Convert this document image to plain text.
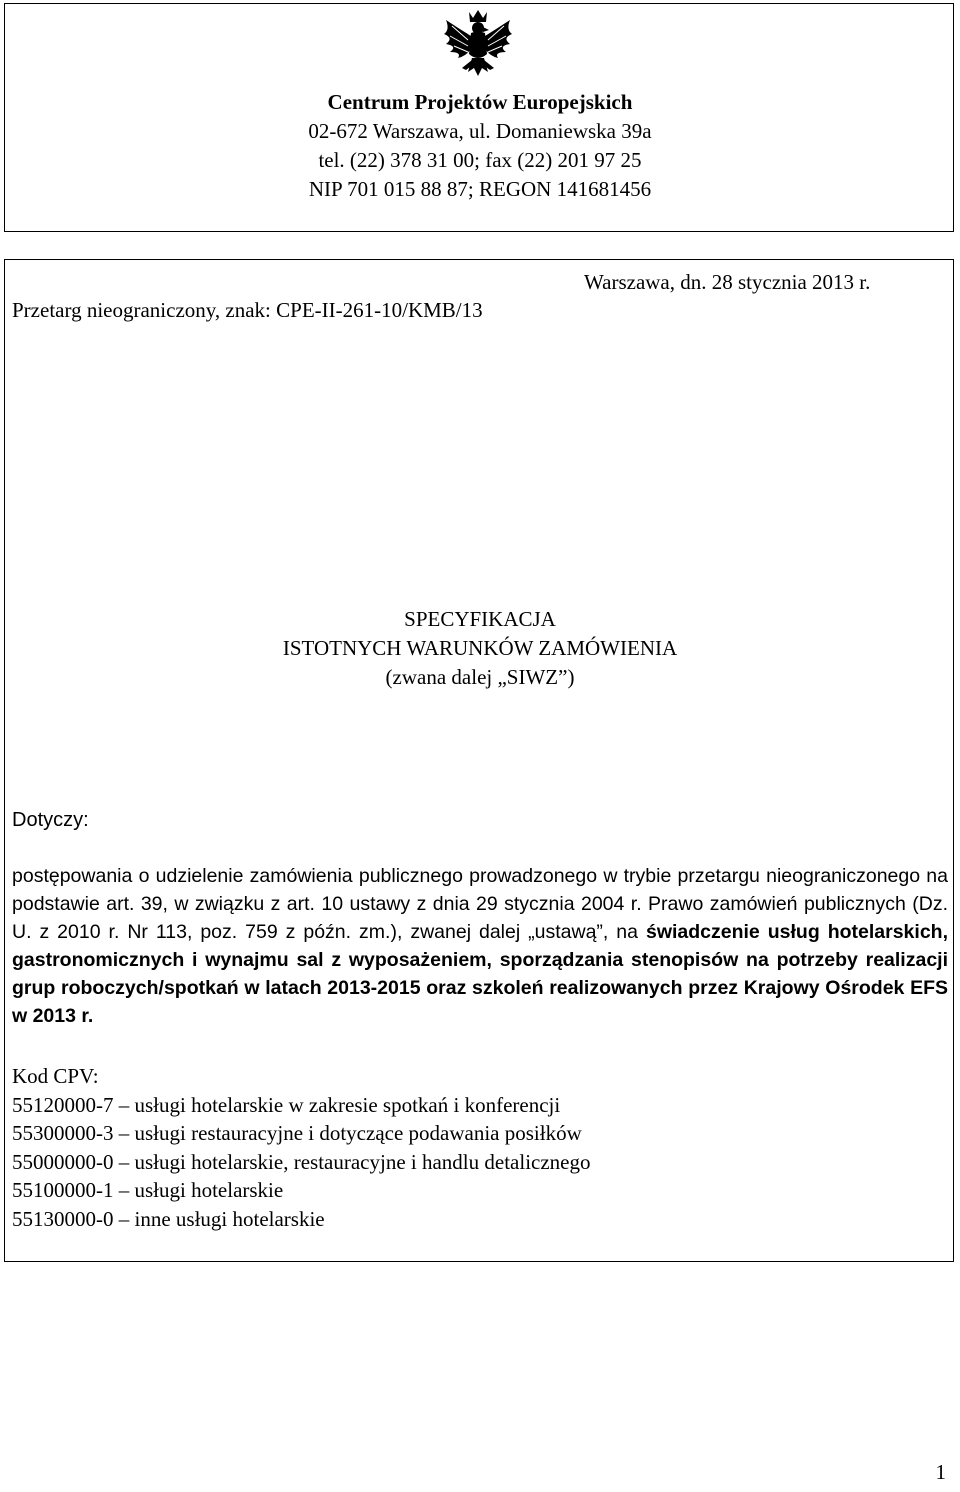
Centrum Projektów Europejskich
02-672 Warszawa, ul. Domaniewska 39a
tel. (22) 378 31 00; fax (22) 201 97 25
NIP 701 015 88 87; REGON 141681456
Warszawa, dn. 28 stycznia 2013 r.
Przetarg nieograniczony, znak: CPE-II-261-10/KMB/13
SPECYFIKACJA
ISTOTNYCH WARUNKÓW ZAMÓWIENIA
(zwana dalej „SIWZ”)
Dotyczy:
postępowania o udzielenie zamówienia publicznego prowadzonego w trybie przetargu nieograniczonego na podstawie art. 39, w związku z art. 10 ustawy z dnia 29 stycznia 2004 r. Prawo zamówień publicznych (Dz. U. z 2010 r. Nr 113, poz. 759 z późn. zm.), zwanej dalej „ustawą”, na świadczenie usług hotelarskich, gastronomicznych i wynajmu sal z wyposażeniem, sporządzania stenopisów na potrzeby realizacji grup roboczych/spotkań w latach 2013-2015 oraz szkoleń realizowanych przez Krajowy Ośrodek EFS w 2013 r.
Kod CPV:
55120000-7 – usługi hotelarskie w zakresie spotkań i konferencji
55300000-3 – usługi restauracyjne i dotyczące podawania posiłków
55000000-0 – usługi hotelarskie, restauracyjne i handlu detalicznego
55100000-1 – usługi hotelarskie
55130000-0 – inne usługi hotelarskie
1
